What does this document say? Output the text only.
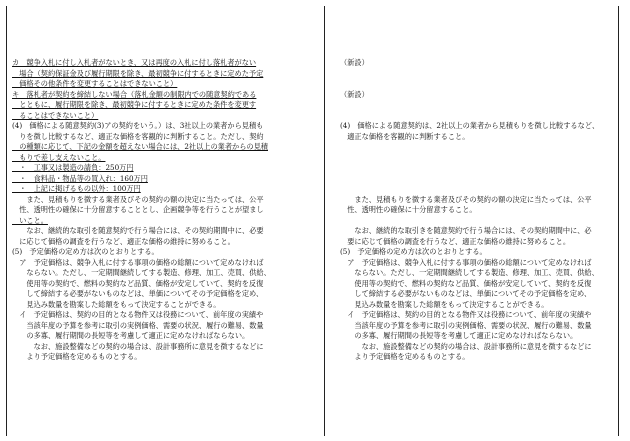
カ　競争入札に付し入札者がないとき、又は再度の入札に付し落札者がない
　場合（契約保証金及び履行期限を除き、最初競争に付するときに定めた予定
　価格その他条件を変更することはできないこと）
キ　落札者が契約を締結しない場合（落札金額の制限内での随意契約である
　とともに、履行期限を除き、最初競争に付するときに定めた条件を変更す
　ることはできないこと）
(4)　価格による随意契約(3)アの契約をいう。）は、3社以上の業者から見積も
　りを徴し比較するなど、適正な価格を客観的に判断すること。ただし、契約
　の種類に応じて、下記の金額を超えない場合には、2社以上の業者からの見積
　もりで差し支えないこと。
　・　工事又は製造の請負：250万円
　・　食料品・物品等の買入れ：160万円
　・　上記に掲げるもの以外：100万円
　　また、見積もりを徴する業者及びその契約の額の決定に当たっては、公平
　性、透明性の確保に十分留意することとし、企画競争等を行うことが望まし
　いこと。
　　なお、継続的な取引を随意契約で行う場合には、その契約期間中に、必要
　に応じて価格の調査を行うなど、適正な価格の維持に努めること。
(5)　予定価格の定め方は次のとおりとする。
　ア　予定価格は、競争入札に付する事項の価格の総額について定めなければ
　　ならない。ただし、一定期間継続してする製造、修理、加工、売買、供給、
　　使用等の契約で、燃料の契約など品質、価格が安定していて、契約を反復
　　して締結する必要がないものなどは、単価についてその予定価格を定め、
　　見込み数量を勘案した総額をもって決定することができる。
　イ　予定価格は、契約の目的となる物件又は役務について、前年度の実績や
　　当該年度の予算を参考に取引の実例価格、需要の状況、履行の難易、数量
　　の多寡、履行期間の長短等を考慮して適正に定めなければならない。
　　　なお、施設整備などの契約の場合は、設計事務所に意見を徴するなどに
　　より予定価格を定めるものとする。
（新設）
（新設）
(4)　価格による随意契約は、2社以上の業者から見積もりを徴し比較するなど、
　適正な価格を客観的に判断すること。
　　また、見積もりを徴する業者及びその契約の額の決定に当たっては、公平
　性、透明性の確保に十分留意すること。
　　なお、継続的な取引きを随意契約で行う場合には、その契約期間中に、必
　要に応じて価格の調査を行うなど、適正な価格の維持に努めること。
(5)　予定価格の定め方は次のとおりとする。
　ア　予定価格は、競争入札に付する事項の価格の総額について定めなければ
　　ならない。ただし、一定期間継続してする製造、修理、加工、売買、供給、
　　使用等の契約で、燃料の契約など品質、価格が安定していて、契約を反復
　　して締結する必要がないものなどは、単価についてその予定価格を定め、
　　見込み数量を勘案した総額をもって決定することができる。
　イ　予定価格は、契約の目的となる物件又は役務について、前年度の実績や
　　当該年度の予算を参考に取引の実例価格、需要の状況、履行の難易、数量
　　の多寡、履行期間の長短等を考慮して適正に定めなければならない。
　　　なお、施設整備などの契約の場合は、設計事務所に意見を徴するなどに
　　より予定価格を定めるものとする。
